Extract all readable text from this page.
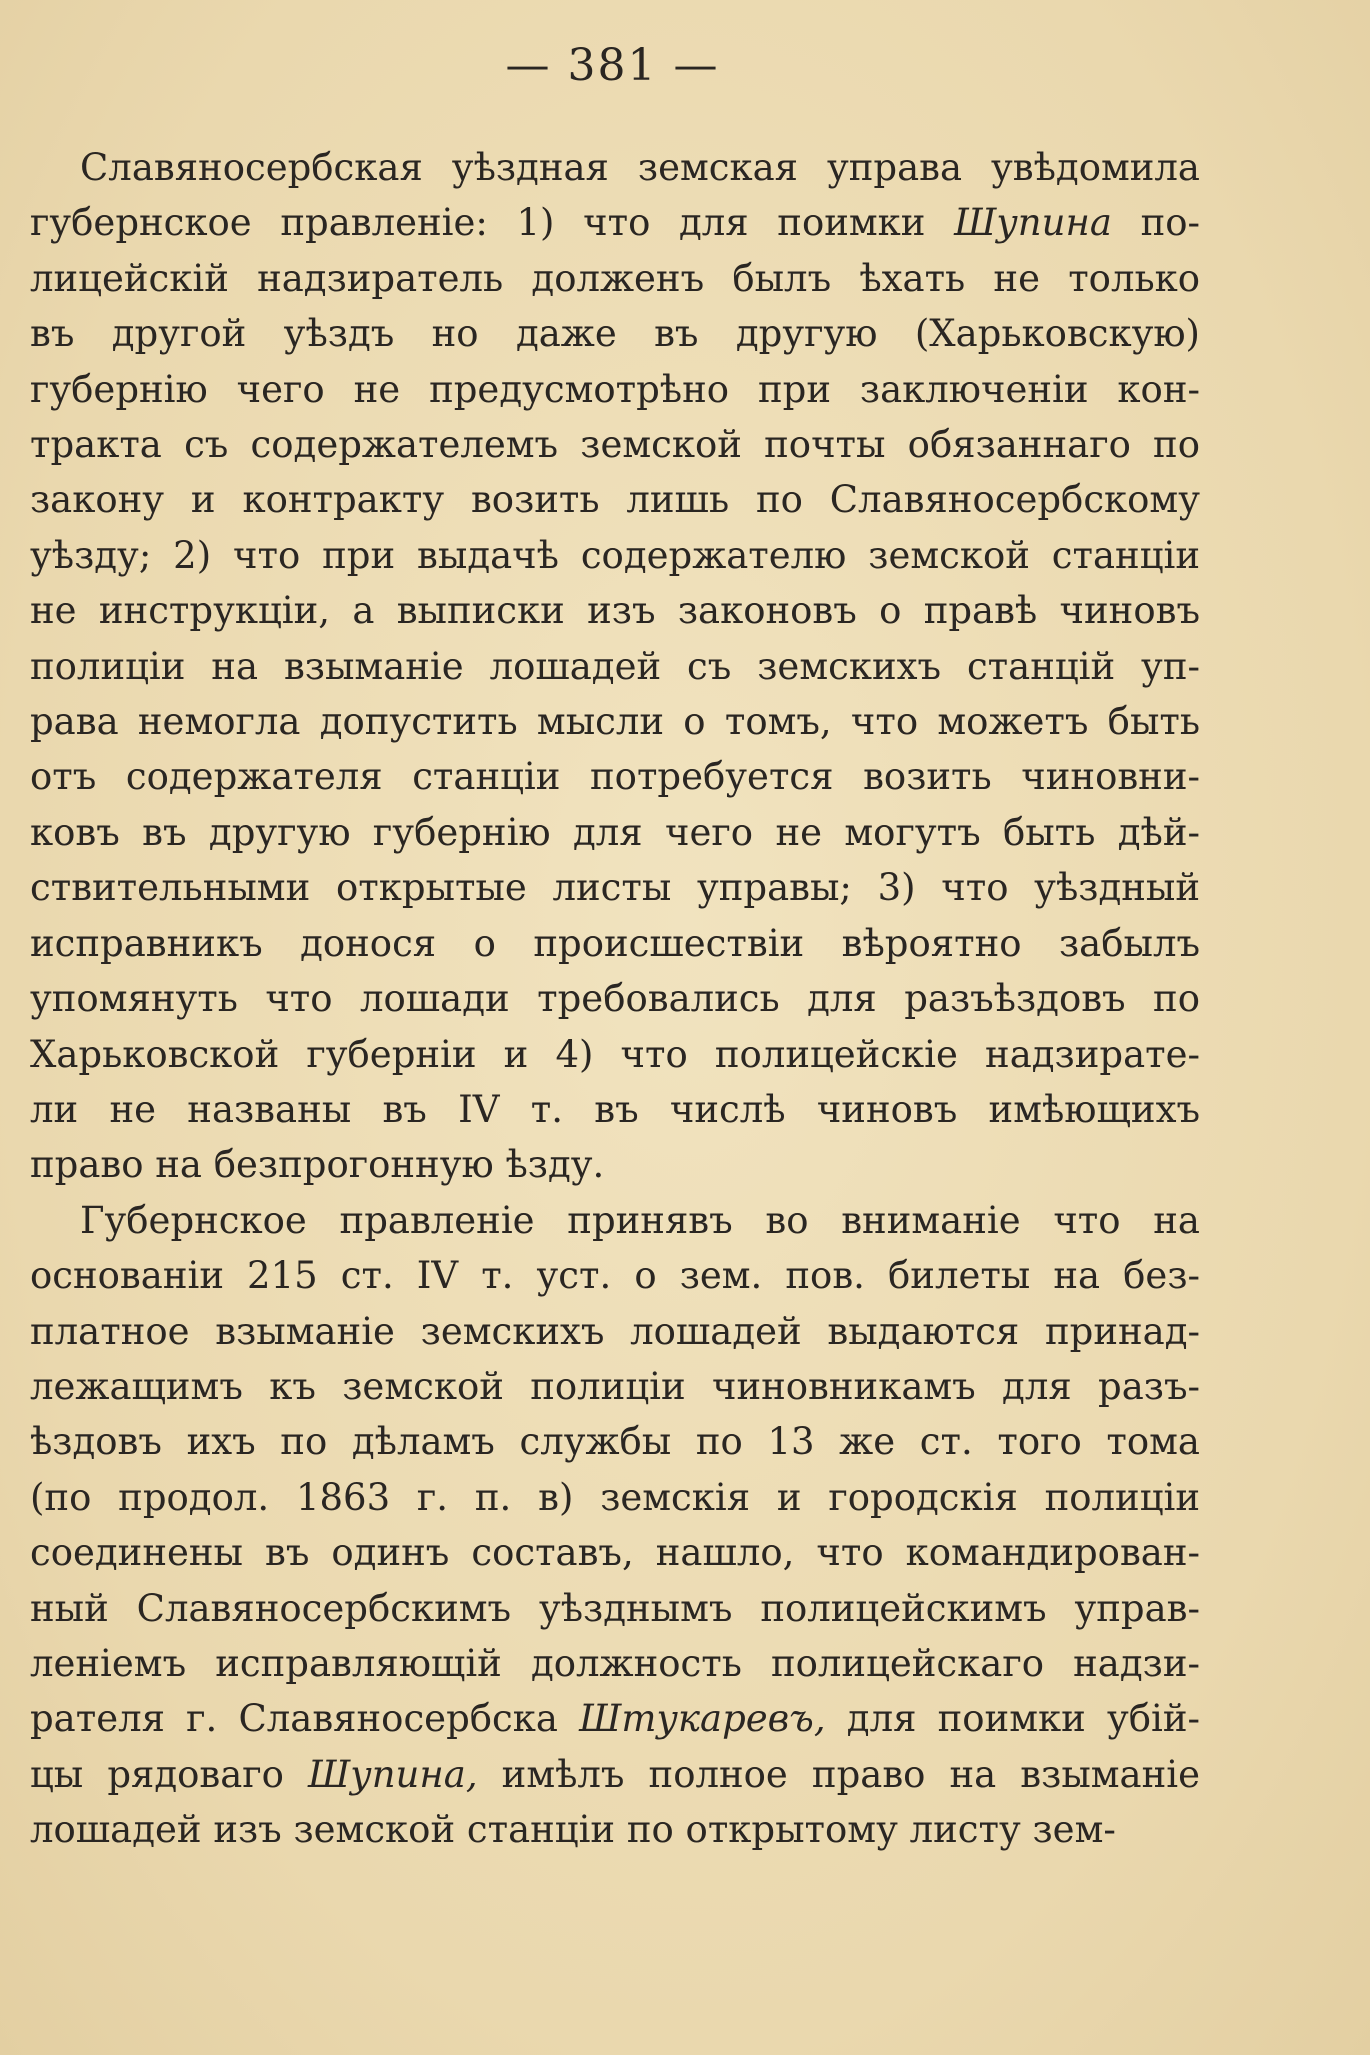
— 381 —

Славяносербская уѣздная земская управа увѣдомила
губернское правленіе: 1) что для поимки Шупина по-
лицейскій надзиратель долженъ былъ ѣхать не только
въ другой уѣздъ но даже въ другую (Харьковскую)
губернію чего не предусмотрѣно при заключеніи кон-
тракта съ содержателемъ земской почты обязаннаго по
закону и контракту возить лишь по Славяносербскому
уѣзду; 2) что при выдачѣ содержателю земской станціи
не инструкціи, а выписки изъ законовъ о правѣ чиновъ
полиціи на взыманіе лошадей съ земскихъ станцій уп-
рава немогла допустить мысли о томъ, что можетъ быть
отъ содержателя станціи потребуется возить чиновни-
ковъ въ другую губернію для чего не могутъ быть дѣй-
ствительными открытые листы управы; 3) что уѣздный
исправникъ донося о происшествіи вѣроятно забылъ
упомянуть что лошади требовались для разъѣздовъ по
Харьковской губерніи и 4) что полицейскіе надзирате-
ли не названы въ IV т. въ числѣ чиновъ имѣющихъ
право на безпрогонную ѣзду.

Губернское правленіе принявъ во вниманіе что на
основаніи 215 ст. IV т. уст. о зем. пов. билеты на без-
платное взыманіе земскихъ лошадей выдаются принад-
лежащимъ къ земской полиціи чиновникамъ для разъ-
ѣздовъ ихъ по дѣламъ службы по 13 же ст. того тома
(по продол. 1863 г. п. в) земскія и городскія полиціи
соединены въ одинъ составъ, нашло, что командирован-
ный Славяносербскимъ уѣзднымъ полицейскимъ управ-
леніемъ исправляющій должность полицейскаго надзи-
рателя г. Славяносербска Штукаревъ, для поимки убій-
цы рядоваго Шупина, имѣлъ полное право на взыманіе
лошадей изъ земской станціи по открытому листу зем-
